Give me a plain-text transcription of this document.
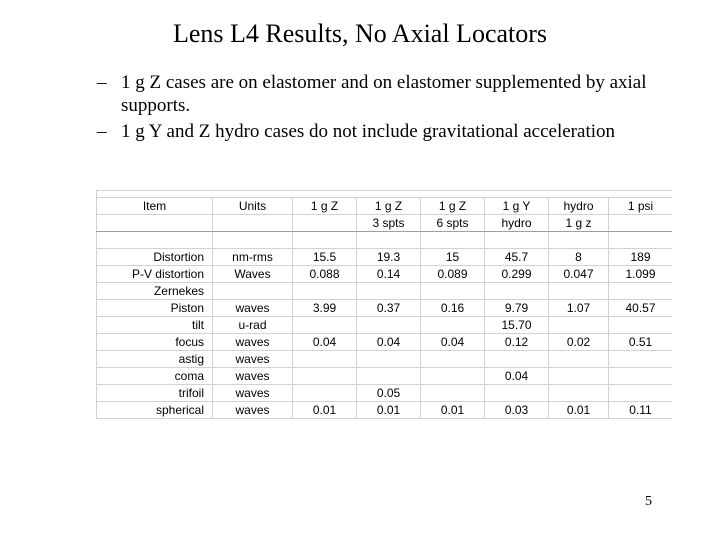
Lens L4 Results, No Axial Locators
– 1 g Z cases are on elastomer and on elastomer supplemented by axial supports.
– 1 g Y and Z hydro cases do not include gravitational acceleration

Item	Units	1 g Z	1 g Z	1 g Z	1 g Y	hydro	1 psi
			3 spts	6 spts	hydro	1 g z	

Distortion	nm-rms	15.5	19.3	15	45.7	8	189
P-V distortion	Waves	0.088	0.14	0.089	0.299	0.047	1.099
Zernekes							
Piston	waves	3.99	0.37	0.16	9.79	1.07	40.57
tilt	u-rad				15.70		
focus	waves	0.04	0.04	0.04	0.12	0.02	0.51
astig	waves						
coma	waves				0.04		
trifoil	waves		0.05				
spherical	waves	0.01	0.01	0.01	0.03	0.01	0.11
5
